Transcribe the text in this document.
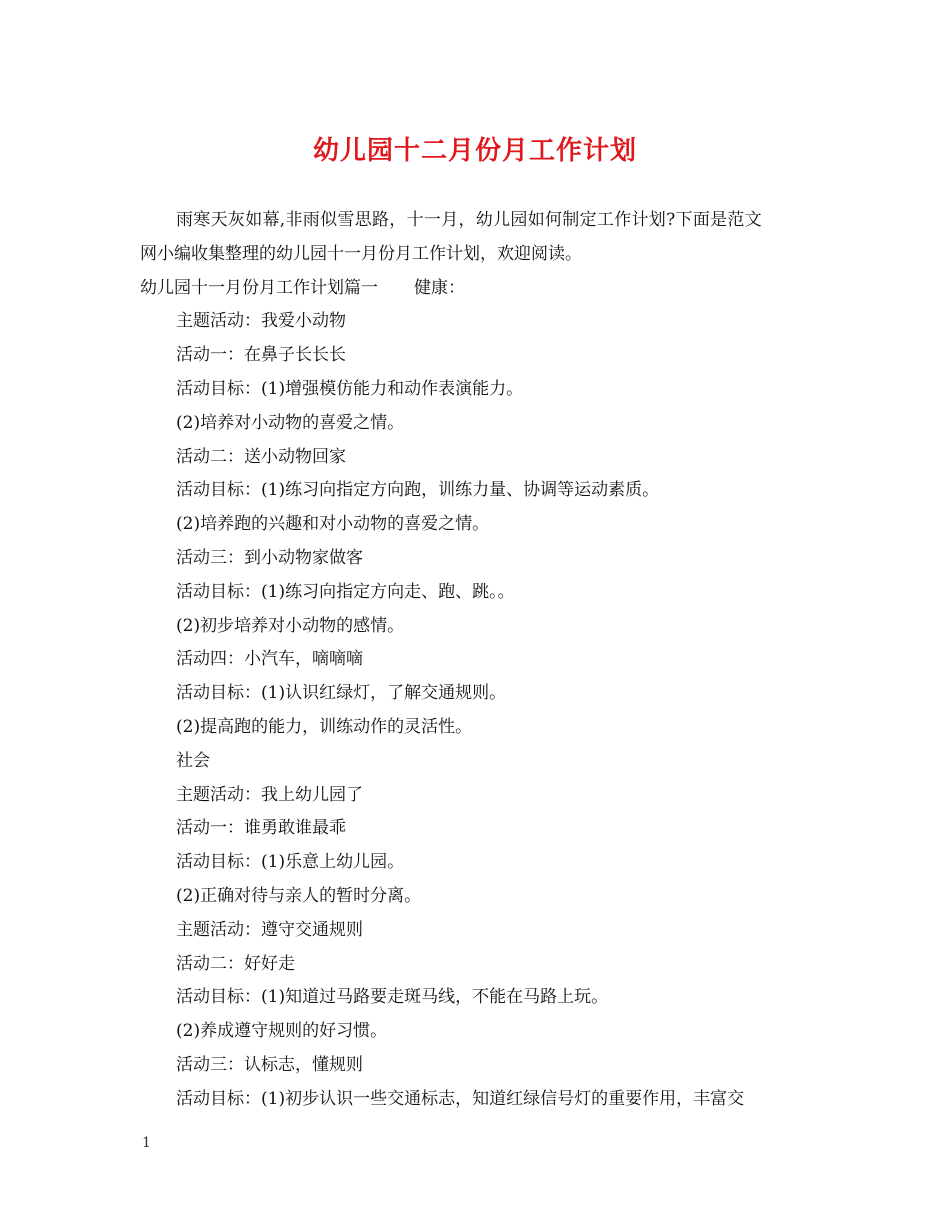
幼儿园十二月份月工作计划

雨寒天灰如幕,非雨似雪思路，十一月，幼儿园如何制定工作计划?下面是范文

网小编收集整理的幼儿园十一月份月工作计划，欢迎阅读。

幼儿园十一月份月工作计划篇一 健康：

主题活动：我爱小动物

活动一：在鼻子长长长

活动目标：(1)增强模仿能力和动作表演能力。

(2)培养对小动物的喜爱之情。

活动二：送小动物回家

活动目标：(1)练习向指定方向跑，训练力量、协调等运动素质。

(2)培养跑的兴趣和对小动物的喜爱之情。

活动三：到小动物家做客

活动目标：(1)练习向指定方向走、跑、跳。。

(2)初步培养对小动物的感情。

活动四：小汽车，嘀嘀嘀

活动目标：(1)认识红绿灯，了解交通规则。

(2)提高跑的能力，训练动作的灵活性。

社会

主题活动：我上幼儿园了

活动一：谁勇敢谁最乖

活动目标：(1)乐意上幼儿园。

(2)正确对待与亲人的暂时分离。

主题活动：遵守交通规则

活动二：好好走

活动目标：(1)知道过马路要走斑马线，不能在马路上玩。

(2)养成遵守规则的好习惯。

活动三：认标志，懂规则

活动目标：(1)初步认识一些交通标志，知道红绿信号灯的重要作用，丰富交

1
